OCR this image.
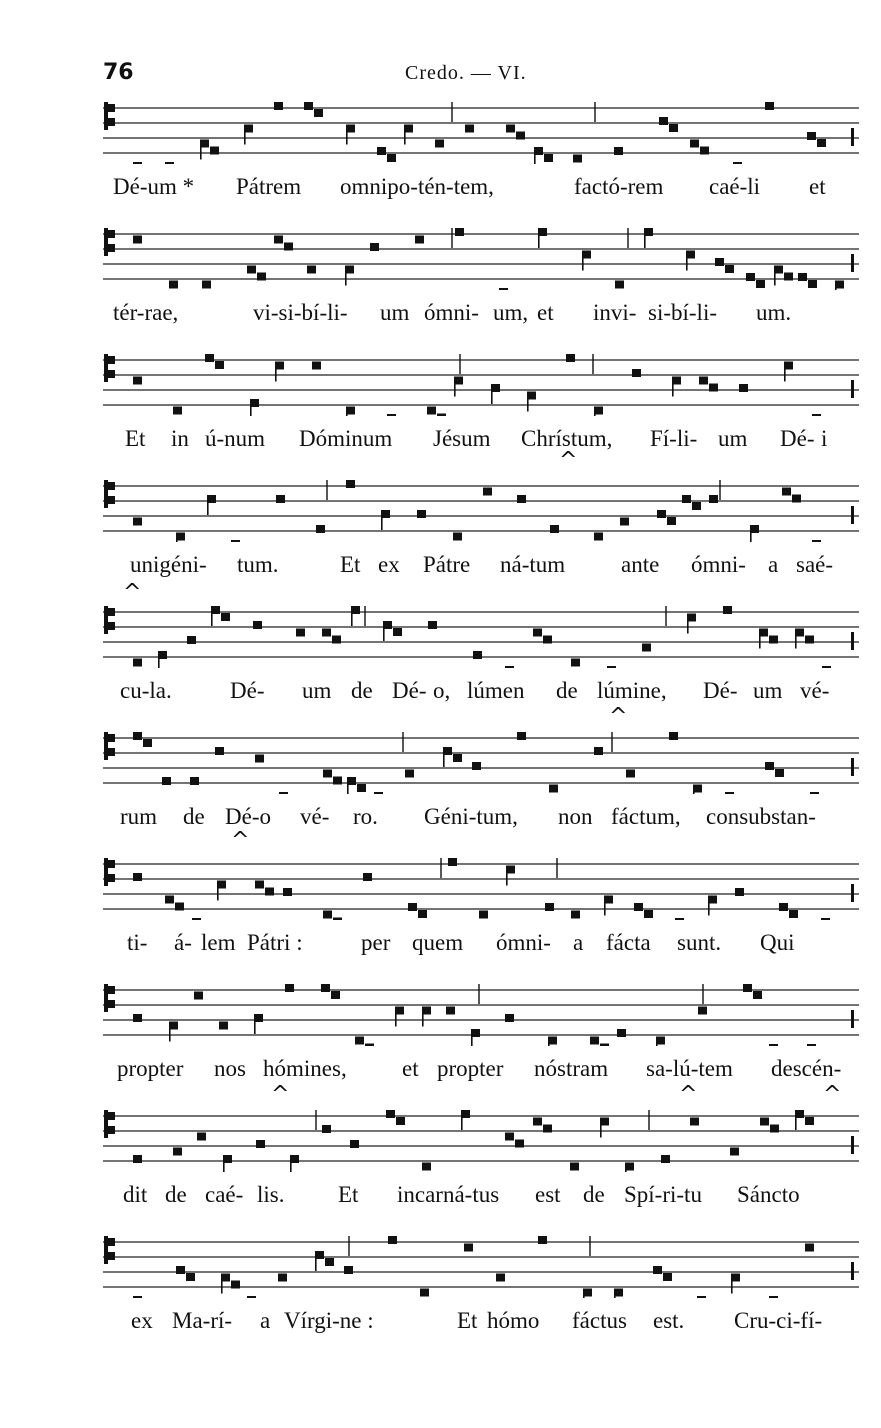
76	Credo. — VI.
Dé-um * Pátrem omnipo-tén-tem,	factó-rem caé-li et
tér-rae,	vi-si-bí-li- um ómni- um, et invi- si-bí-li- um.
Et in ú-num Dóminum Jésum Chrístum, Fí-li- um Dé- i
^
unigéni- tum.	Et ex Pátre ná-tum ante ómni- a saé-
^
cu-la.	Dé- um de Dé- o, lúmen de lúmine, Dé- um vé-
^
rum de Dé-o vé- ro. Géni-tum, non fáctum, consubstan-
^
ti- á- lem Pátri :	per quem ómni- a fácta sunt. Qui
propter nos hómines, et propter nóstram sa-lú-tem descén-
^	^	^
dit de caé- lis. Et incarná-tus est de Spí-ri-tu Sáncto
ex Ma-rí- a Vírgi-ne :	Et hómo fáctus est. Cru-ci-fí-
